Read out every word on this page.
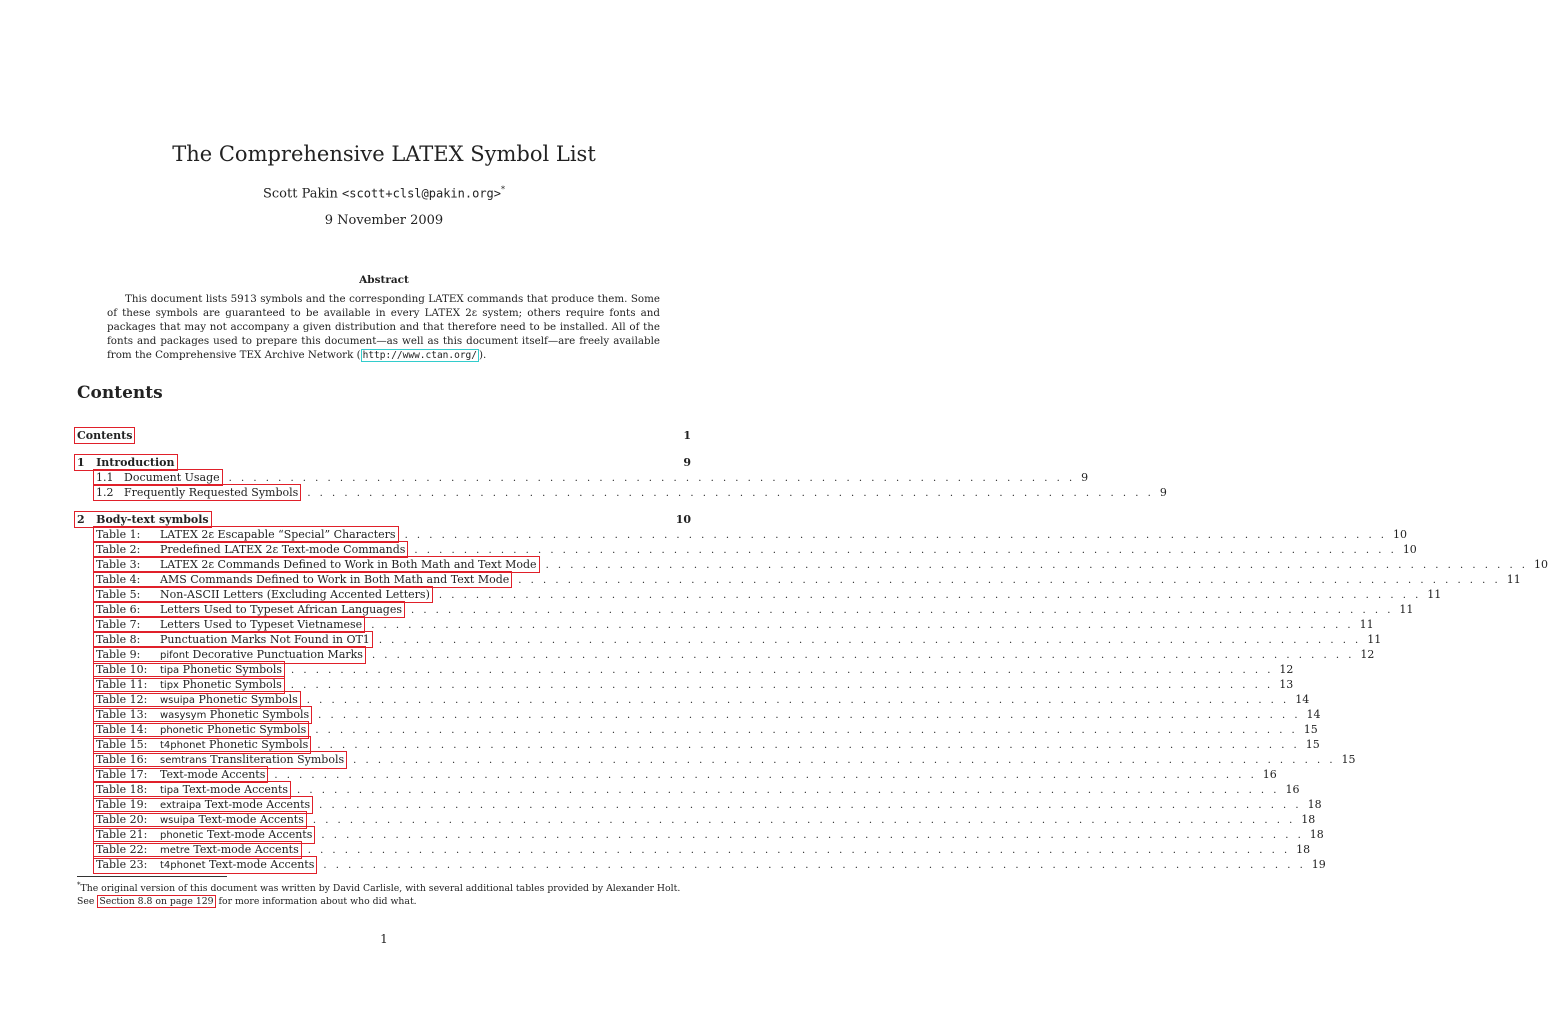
The Comprehensive LATEX Symbol List
Scott Pakin <scott+clsl@pakin.org>*
9 November 2009
Abstract
This document lists 5913 symbols and the corresponding LATEX commands that produce them. Some of these symbols are guaranteed to be available in every LATEX 2ε system; others require fonts and packages that may not accompany a given distribution and that therefore need to be installed. All of the fonts and packages used to prepare this document—as well as this document itself—are freely available from the Comprehensive TEX Archive Network ( http://www.ctan.org/ ).
Contents
Contents	1
1 Introduction	9
1.1 Document Usage . . . . . . . . . . . . . . . . . . . . . . . . . . . . . . . . . . . . . . . . . . . . . . . . . . . . . . . . . . . . . . . . . . . . . 9
1.2 Frequently Requested Symbols . . . . . . . . . . . . . . . . . . . . . . . . . . . . . . . . . . . . . . . . . . . . . . . . . . . . . . . . . . . . . . . . . . . . . 9
2 Body-text symbols	10
Table 1: LATEX 2ε Escapable “Special” Characters . . . . . . . . . . . . . . . . . . . . . . . . . . . . . . . . . . . . . . . . . . . . . . . . . . . . . . . . . . . . . . . . . . . . . . . . . . . . . . . . 10
Table 2: Predefined LATEX 2ε Text-mode Commands . . . . . . . . . . . . . . . . . . . . . . . . . . . . . . . . . . . . . . . . . . . . . . . . . . . . . . . . . . . . . . . . . . . . . . . . . . . . . . . . 10
Table 3: LATEX 2ε Commands Defined to Work in Both Math and Text Mode . . . . . . . . . . . . . . . . . . . . . . . . . . . . . . . . . . . . . . . . . . . . . . . . . . . . . . . . . . . . . . . . . . . . . . . . . . . . . . . . 10
Table 4: AMS Commands Defined to Work in Both Math and Text Mode . . . . . . . . . . . . . . . . . . . . . . . . . . . . . . . . . . . . . . . . . . . . . . . . . . . . . . . . . . . . . . . . . . . . . . . . . . . . . . . . 11
Table 5: Non-ASCII Letters (Excluding Accented Letters) . . . . . . . . . . . . . . . . . . . . . . . . . . . . . . . . . . . . . . . . . . . . . . . . . . . . . . . . . . . . . . . . . . . . . . . . . . . . . . . . 11
Table 6: Letters Used to Typeset African Languages . . . . . . . . . . . . . . . . . . . . . . . . . . . . . . . . . . . . . . . . . . . . . . . . . . . . . . . . . . . . . . . . . . . . . . . . . . . . . . . . 11
Table 7: Letters Used to Typeset Vietnamese . . . . . . . . . . . . . . . . . . . . . . . . . . . . . . . . . . . . . . . . . . . . . . . . . . . . . . . . . . . . . . . . . . . . . . . . . . . . . . . . 11
Table 8: Punctuation Marks Not Found in OT1 . . . . . . . . . . . . . . . . . . . . . . . . . . . . . . . . . . . . . . . . . . . . . . . . . . . . . . . . . . . . . . . . . . . . . . . . . . . . . . . . 11
Table 9: pifont Decorative Punctuation Marks . . . . . . . . . . . . . . . . . . . . . . . . . . . . . . . . . . . . . . . . . . . . . . . . . . . . . . . . . . . . . . . . . . . . . . . . . . . . . . . . 12
Table 10: tipa Phonetic Symbols . . . . . . . . . . . . . . . . . . . . . . . . . . . . . . . . . . . . . . . . . . . . . . . . . . . . . . . . . . . . . . . . . . . . . . . . . . . . . . . . 12
Table 11: tipx Phonetic Symbols . . . . . . . . . . . . . . . . . . . . . . . . . . . . . . . . . . . . . . . . . . . . . . . . . . . . . . . . . . . . . . . . . . . . . . . . . . . . . . . . 13
Table 12: wsuipa Phonetic Symbols . . . . . . . . . . . . . . . . . . . . . . . . . . . . . . . . . . . . . . . . . . . . . . . . . . . . . . . . . . . . . . . . . . . . . . . . . . . . . . . . 14
Table 13: wasysym Phonetic Symbols . . . . . . . . . . . . . . . . . . . . . . . . . . . . . . . . . . . . . . . . . . . . . . . . . . . . . . . . . . . . . . . . . . . . . . . . . . . . . . . . 14
Table 14: phonetic Phonetic Symbols . . . . . . . . . . . . . . . . . . . . . . . . . . . . . . . . . . . . . . . . . . . . . . . . . . . . . . . . . . . . . . . . . . . . . . . . . . . . . . . . 15
Table 15: t4phonet Phonetic Symbols . . . . . . . . . . . . . . . . . . . . . . . . . . . . . . . . . . . . . . . . . . . . . . . . . . . . . . . . . . . . . . . . . . . . . . . . . . . . . . . . 15
Table 16: semtrans Transliteration Symbols . . . . . . . . . . . . . . . . . . . . . . . . . . . . . . . . . . . . . . . . . . . . . . . . . . . . . . . . . . . . . . . . . . . . . . . . . . . . . . . . 15
Table 17: Text-mode Accents . . . . . . . . . . . . . . . . . . . . . . . . . . . . . . . . . . . . . . . . . . . . . . . . . . . . . . . . . . . . . . . . . . . . . . . . . . . . . . . . 16
Table 18: tipa Text-mode Accents . . . . . . . . . . . . . . . . . . . . . . . . . . . . . . . . . . . . . . . . . . . . . . . . . . . . . . . . . . . . . . . . . . . . . . . . . . . . . . . . 16
Table 19: extraipa Text-mode Accents . . . . . . . . . . . . . . . . . . . . . . . . . . . . . . . . . . . . . . . . . . . . . . . . . . . . . . . . . . . . . . . . . . . . . . . . . . . . . . . . 18
Table 20: wsuipa Text-mode Accents . . . . . . . . . . . . . . . . . . . . . . . . . . . . . . . . . . . . . . . . . . . . . . . . . . . . . . . . . . . . . . . . . . . . . . . . . . . . . . . . 18
Table 21: phonetic Text-mode Accents . . . . . . . . . . . . . . . . . . . . . . . . . . . . . . . . . . . . . . . . . . . . . . . . . . . . . . . . . . . . . . . . . . . . . . . . . . . . . . . . 18
Table 22: metre Text-mode Accents . . . . . . . . . . . . . . . . . . . . . . . . . . . . . . . . . . . . . . . . . . . . . . . . . . . . . . . . . . . . . . . . . . . . . . . . . . . . . . . . 18
Table 23: t4phonet Text-mode Accents . . . . . . . . . . . . . . . . . . . . . . . . . . . . . . . . . . . . . . . . . . . . . . . . . . . . . . . . . . . . . . . . . . . . . . . . . . . . . . . . 19
*The original version of this document was written by David Carlisle, with several additional tables provided by Alexander Holt. See Section 8.8 on page 129 for more information about who did what.
1
